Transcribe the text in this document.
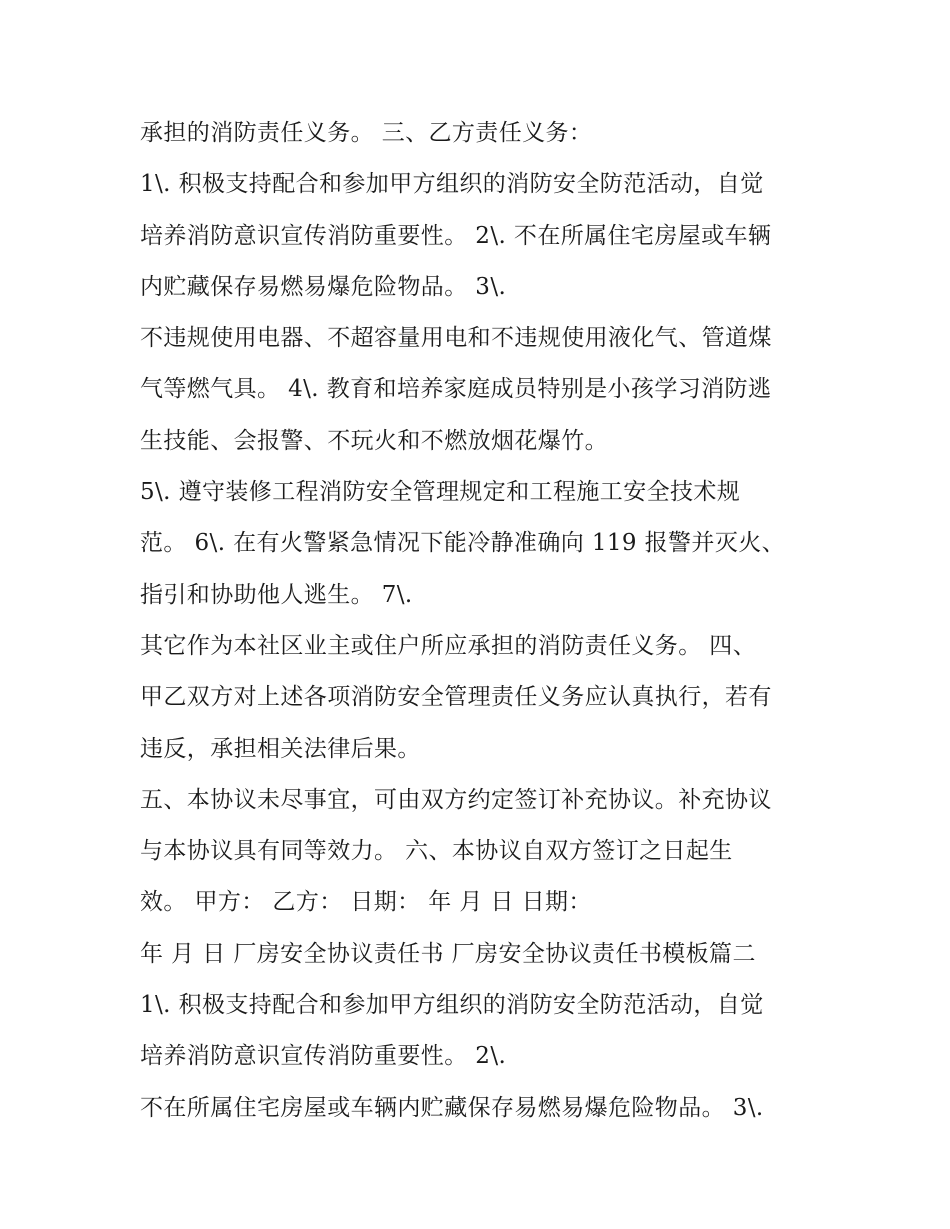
承担的消防责任义务。 三、乙方责任义务：
1\. 积极支持配合和参加甲方组织的消防安全防范活动，自觉
培养消防意识宣传消防重要性。 2\. 不在所属住宅房屋或车辆
内贮藏保存易燃易爆危险物品。 3\.
不违规使用电器、不超容量用电和不违规使用液化气、管道煤
气等燃气具。 4\. 教育和培养家庭成员特别是小孩学习消防逃
生技能、会报警、不玩火和不燃放烟花爆竹。
5\. 遵守装修工程消防安全管理规定和工程施工安全技术规
范。 6\. 在有火警紧急情况下能冷静准确向 119 报警并灭火、
指引和协助他人逃生。 7\.
其它作为本社区业主或住户所应承担的消防责任义务。 四、
甲乙双方对上述各项消防安全管理责任义务应认真执行，若有
违反，承担相关法律后果。
五、本协议未尽事宜，可由双方约定签订补充协议。补充协议
与本协议具有同等效力。 六、本协议自双方签订之日起生
效。 甲方： 乙方： 日期： 年 月 日 日期：
年 月 日 厂房安全协议责任书 厂房安全协议责任书模板篇二
1\. 积极支持配合和参加甲方组织的消防安全防范活动，自觉
培养消防意识宣传消防重要性。 2\.
不在所属住宅房屋或车辆内贮藏保存易燃易爆危险物品。 3\.
